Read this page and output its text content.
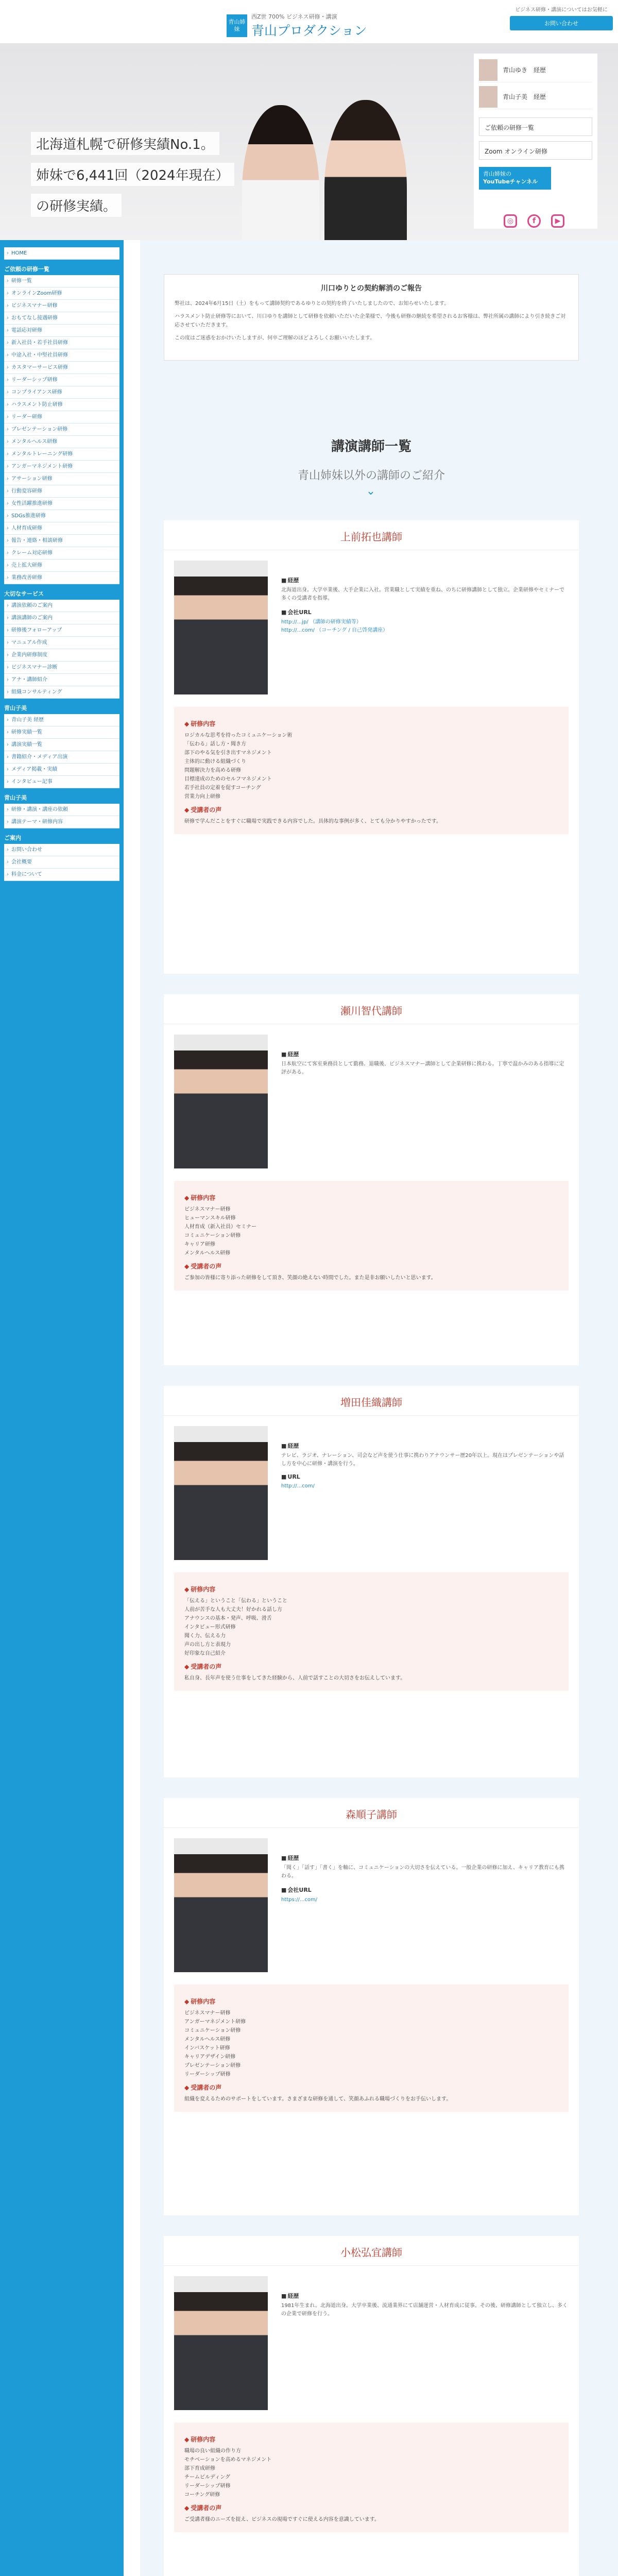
青山姉妹
西Z世 700% ビジネス研修・講演
青山プロダクション
ビジネス研修・講演についてはお気軽に
お問い合わせ
北海道札幌で研修実績No.1。
姉妹で6,441回（2024年現在）
の研修実績。
青山ゆき　経歴
青山子美　経歴
ご依頼の研修一覧
Zoom オンライン研修
青山姉妹の
YouTubeチャンネル
◎	f	▶
› HOME
ご依頼の研修一覧
› 研修一覧
› オンラインZoom研修
› ビジネスマナー研修
› おもてなし接遇研修
› 電話応対研修
› 新入社員・若手社員研修
› 中途入社・中堅社員研修
› カスタマーサービス研修
› リーダーシップ研修
› コンプライアンス研修
› ハラスメント防止研修
› リーダー研修
› プレゼンテーション研修
› メンタルヘルス研修
› メンタルトレーニング研修
› アンガーマネジメント研修
› アサーション研修
› 行動変容研修
› 女性活躍推進研修
› SDGs推進研修
› 人材育成研修
› 報告・連絡・相談研修
› クレーム対応研修
› 売上拡大研修
› 業務改善研修
大切なサービス
› 講演依頼のご案内
› 講演講師のご案内
› 研修後フォローアップ
› マニュアル作成
› 企業内研修制度
› ビジネスマナー診断
› アナ・講師紹介
› 組織コンサルティング
青山子美
› 青山子美 経歴
› 研修実績一覧
› 講演実績一覧
› 書籍紹介・メディア出演
› メディア掲載・実績
› インタビュー記事
青山子美
› 研修・講演・講座の依頼
› 講演テーマ・研修内容
ご案内
› お問い合わせ
› 会社概要
› 料金について
川口ゆりとの契約解消のご報告

弊社は、2024年6月15日（土）をもって講師契約であるゆりとの契約を終了いたしましたので、お知らせいたします。

ハラスメント防止研修等において、川口ゆりを講師として研修を依頼いただいた企業様で、今後も研修の継続を希望されるお客様は、弊社所属の講師により引き続きご対応させていただきます。

この度はご迷惑をおかけいたしますが、何卒ご理解のほどよろしくお願いいたします。

講演講師一覧
青山姉妹以外の講師のご紹介
⌄
上前拓也講師
■ 経歴
北海道出身。大学卒業後、大手企業に入社。営業職として実績を重ね、のちに研修講師として独立。企業研修やセミナーで多くの受講者を指導。
■ 会社URL
http://...jp/ （講師の研修実績等）
http://...com/ （コーチング / 自己啓発講座）
◆ 研修内容
ロジカルな思考を持ったコミュニケーション術
「伝わる」話し方・聞き方
部下のやる気を引き出すマネジメント
主体的に動ける組織づくり
問題解決力を高める研修
目標達成のためのセルフマネジメント
若手社員の定着を促すコーチング
営業力向上研修
◆ 受講者の声
研修で学んだことをすぐに職場で実践できる内容でした。具体的な事例が多く、とても分かりやすかったです。
瀬川智代講師
■ 経歴
日本航空にて客室乗務員として勤務。退職後、ビジネスマナー講師として企業研修に携わる。丁寧で温かみのある指導に定評がある。
◆ 研修内容
ビジネスマナー研修
ヒューマンスキル研修
人材育成（新入社員）セミナー
コミュニケーション研修
キャリア研修
メンタルヘルス研修
◆ 受講者の声
ご参加の皆様に寄り添った研修をして頂き、笑顔の絶えない時間でした。また是非お願いしたいと思います。
増田佳織講師
■ 経歴
テレビ、ラジオ、ナレーション、司会など声を使う仕事に携わりアナウンサー歴20年以上。現在はプレゼンテーションや話し方を中心に研修・講演を行う。
■ URL
http://...com/
◆ 研修内容
「伝える」ということ「伝わる」ということ
人前が苦手な人も大丈夫！好かれる話し方
アナウンスの基本・発声、呼吸、滑舌
インタビュー形式研修
聞く力、伝える力
声の出し方と表現力
好印象な自己紹介
◆ 受講者の声
私自身、長年声を使う仕事をしてきた経験から、人前で話すことの大切さをお伝えしています。
森順子講師
■ 経歴
「聞く」「話す」「書く」を軸に、コミュニケーションの大切さを伝えている。一般企業の研修に加え、キャリア教育にも携わる。
■ 会社URL
https://...com/
◆ 研修内容
ビジネスマナー研修
アンガーマネジメント研修
コミュニケーション研修
メンタルヘルス研修
インバスケット研修
キャリアデザイン研修
プレゼンテーション研修
リーダーシップ研修
◆ 受講者の声
組織を変えるためのサポートをしています。さまざまな研修を通して、笑顔あふれる職場づくりをお手伝いします。
小松弘宜講師
■ 経歴
1981年生まれ。北海道出身。大学卒業後、流通業界にて店舗運営・人材育成に従事。その後、研修講師として独立し、多くの企業で研修を行う。
◆ 研修内容
職場の良い組織の作り方
モチベーションを高めるマネジメント
部下育成研修
チームビルディング
リーダーシップ研修
コーチング研修
◆ 受講者の声
ご受講者様のニーズを捉え、ビジネスの現場ですぐに使える内容を意識しています。
